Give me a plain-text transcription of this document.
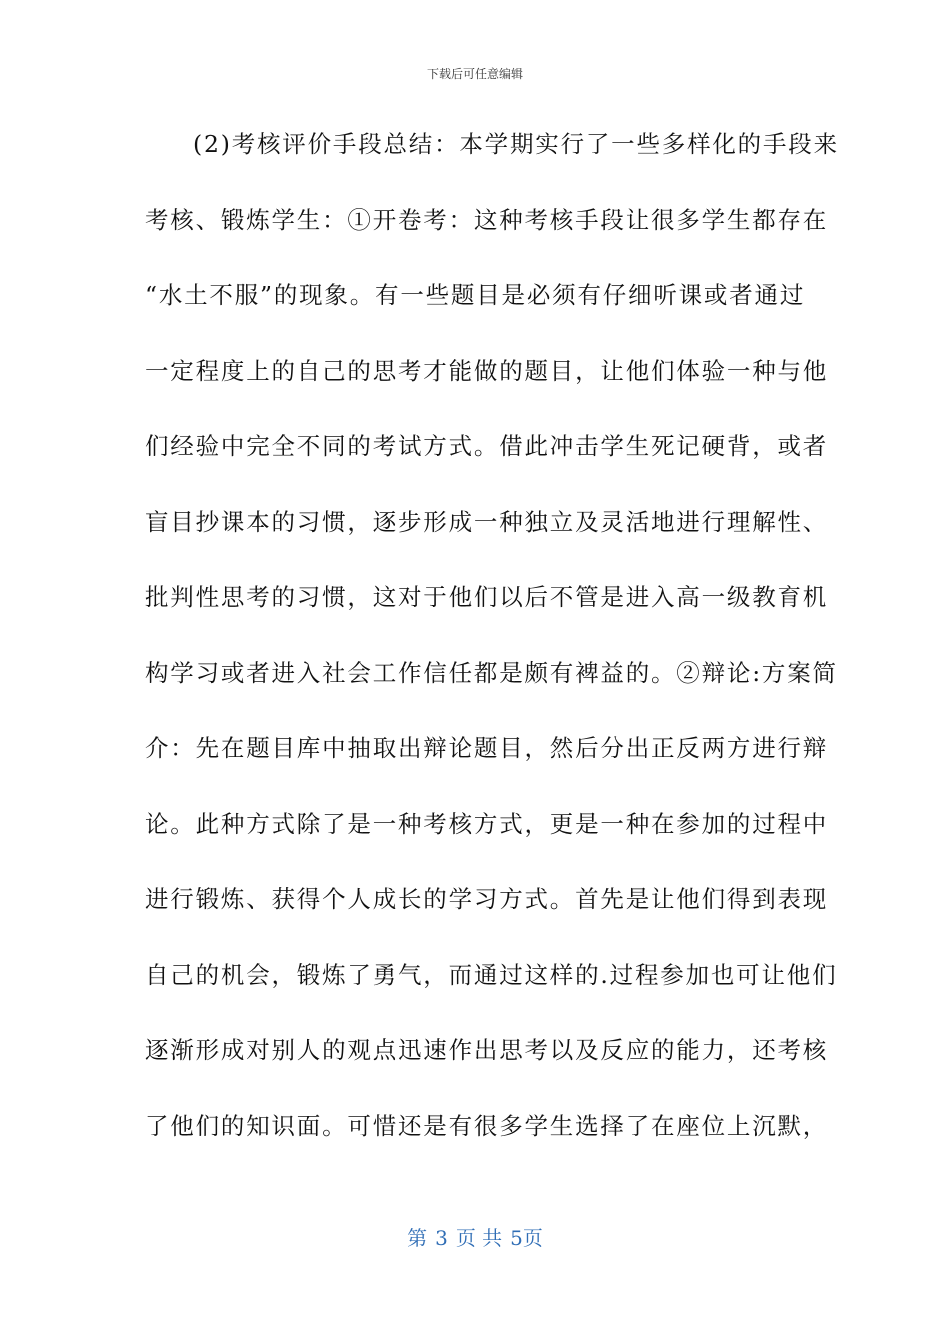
下载后可任意编辑
(2)考核评价手段总结：本学期实行了一些多样化的手段来
考核、锻炼学生：①开卷考：这种考核手段让很多学生都存在
“水土不服”的现象。有一些题目是必须有仔细听课或者通过
一定程度上的自己的思考才能做的题目，让他们体验一种与他
们经验中完全不同的考试方式。借此冲击学生死记硬背，或者
盲目抄课本的习惯，逐步形成一种独立及灵活地进行理解性、
批判性思考的习惯，这对于他们以后不管是进入高一级教育机
构学习或者进入社会工作信任都是颇有裨益的。②辩论:方案简
介：先在题目库中抽取出辩论题目，然后分出正反两方进行辩
论。此种方式除了是一种考核方式，更是一种在参加的过程中
进行锻炼、获得个人成长的学习方式。首先是让他们得到表现
自己的机会，锻炼了勇气，而通过这样的.过程参加也可让他们
逐渐形成对别人的观点迅速作出思考以及反应的能力，还考核
了他们的知识面。可惜还是有很多学生选择了在座位上沉默，
第 3 页 共 5页
